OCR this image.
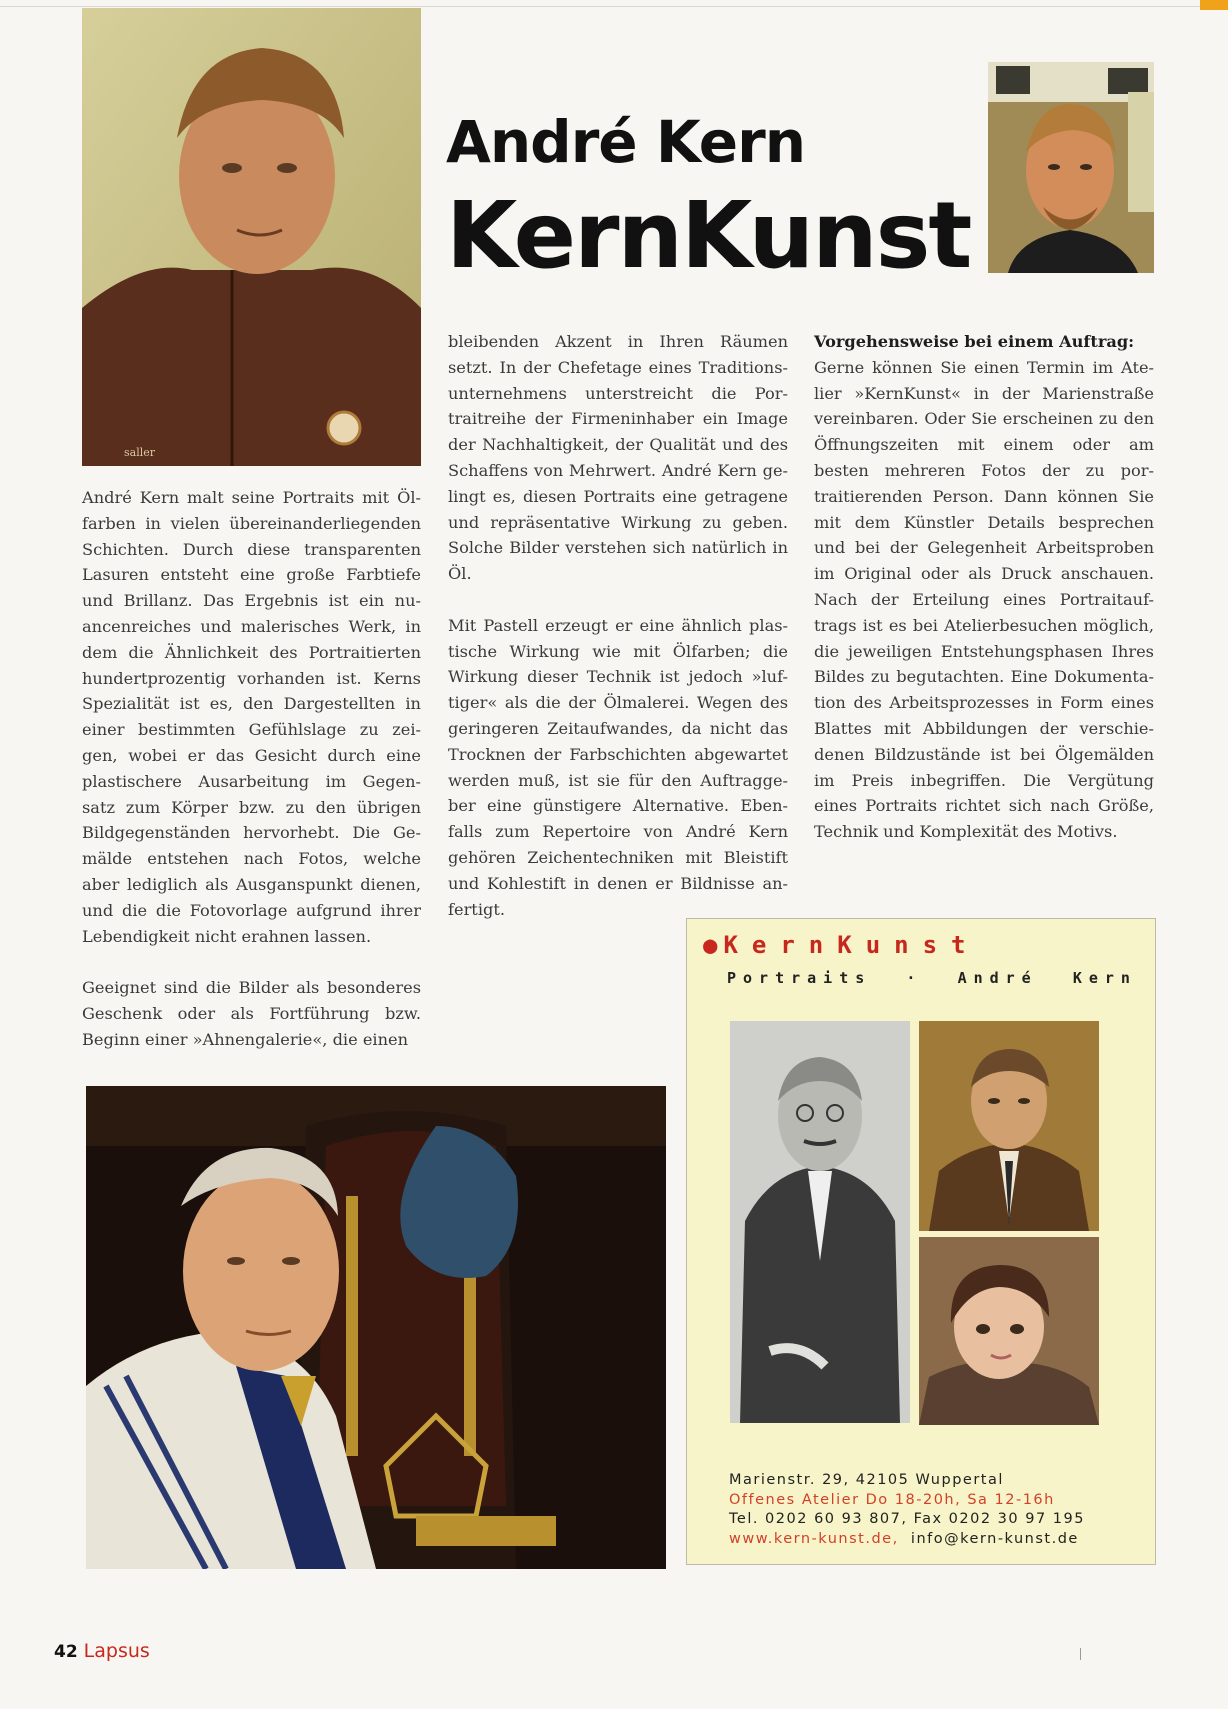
saller
André Kern
KernKunst

André Kern malt seine Portraits mit Öl- farben in vielen übereinanderliegenden Schichten. Durch diese transparenten Lasuren entsteht eine große Farbtiefe und Brillanz. Das Ergebnis ist ein nu- ancenreiches und malerisches Werk, in dem die Ähnlichkeit des Portraitierten hundertprozentig vorhanden ist. Kerns Spezialität ist es, den Dargestellten in einer bestimmten Gefühlslage zu zei- gen, wobei er das Gesicht durch eine plastischere Ausarbeitung im Gegen- satz zum Körper bzw. zu den übrigen Bildgegenständen hervorhebt. Die Ge- mälde entstehen nach Fotos, welche aber lediglich als Ausganspunkt dienen, und die die Fotovorlage aufgrund ihrer Lebendigkeit nicht erahnen lassen.

Geeignet sind die Bilder als besonderes Geschenk oder als Fortführung bzw. Beginn einer »Ahnengalerie«, die einen

bleibenden Akzent in Ihren Räumen setzt. In der Chefetage eines Traditions- unternehmens unterstreicht die Por- traitreihe der Firmeninhaber ein Image der Nachhaltigkeit, der Qualität und des Schaffens von Mehrwert. André Kern ge- lingt es, diesen Portraits eine getragene und repräsentative Wirkung zu geben. Solche Bilder verstehen sich natürlich in Öl.

Mit Pastell erzeugt er eine ähnlich plas- tische Wirkung wie mit Ölfarben; die Wirkung dieser Technik ist jedoch »luf- tiger« als die der Ölmalerei. Wegen des geringeren Zeitaufwandes, da nicht das Trocknen der Farbschichten abgewartet werden muß, ist sie für den Auftragge- ber eine günstigere Alternative. Eben- falls zum Repertoire von André Kern gehören Zeichentechniken mit Bleistift und Kohlestift in denen er Bildnisse an- fertigt.

Vorgehensweise bei einem Auftrag:

Gerne können Sie einen Termin im Ate- lier »KernKunst« in der Marienstraße vereinbaren. Oder Sie erscheinen zu den Öffnungszeiten mit einem oder am besten mehreren Fotos der zu por- traitierenden Person. Dann können Sie mit dem Künstler Details besprechen und bei der Gelegenheit Arbeitsproben im Original oder als Druck anschauen. Nach der Erteilung eines Portraitauf- trags ist es bei Atelierbesuchen möglich, die jeweiligen Entstehungsphasen Ihres Bildes zu begutachten. Eine Dokumenta- tion des Arbeitsprozesses in Form eines Blattes mit Abbildungen der verschie- denen Bildzustände ist bei Ölgemälden im Preis inbegriffen. Die Vergütung eines Portraits richtet sich nach Größe, Technik und Komplexität des Motivs.

● KernKunst
Portraits · André Kern
Marienstr. 29, 42105 Wuppertal
Offenes Atelier Do 18-20h, Sa 12-16h
Tel. 0202 60 93 807, Fax 0202 30 97 195
www.kern-kunst.de, info@kern-kunst.de
42 Lapsus
